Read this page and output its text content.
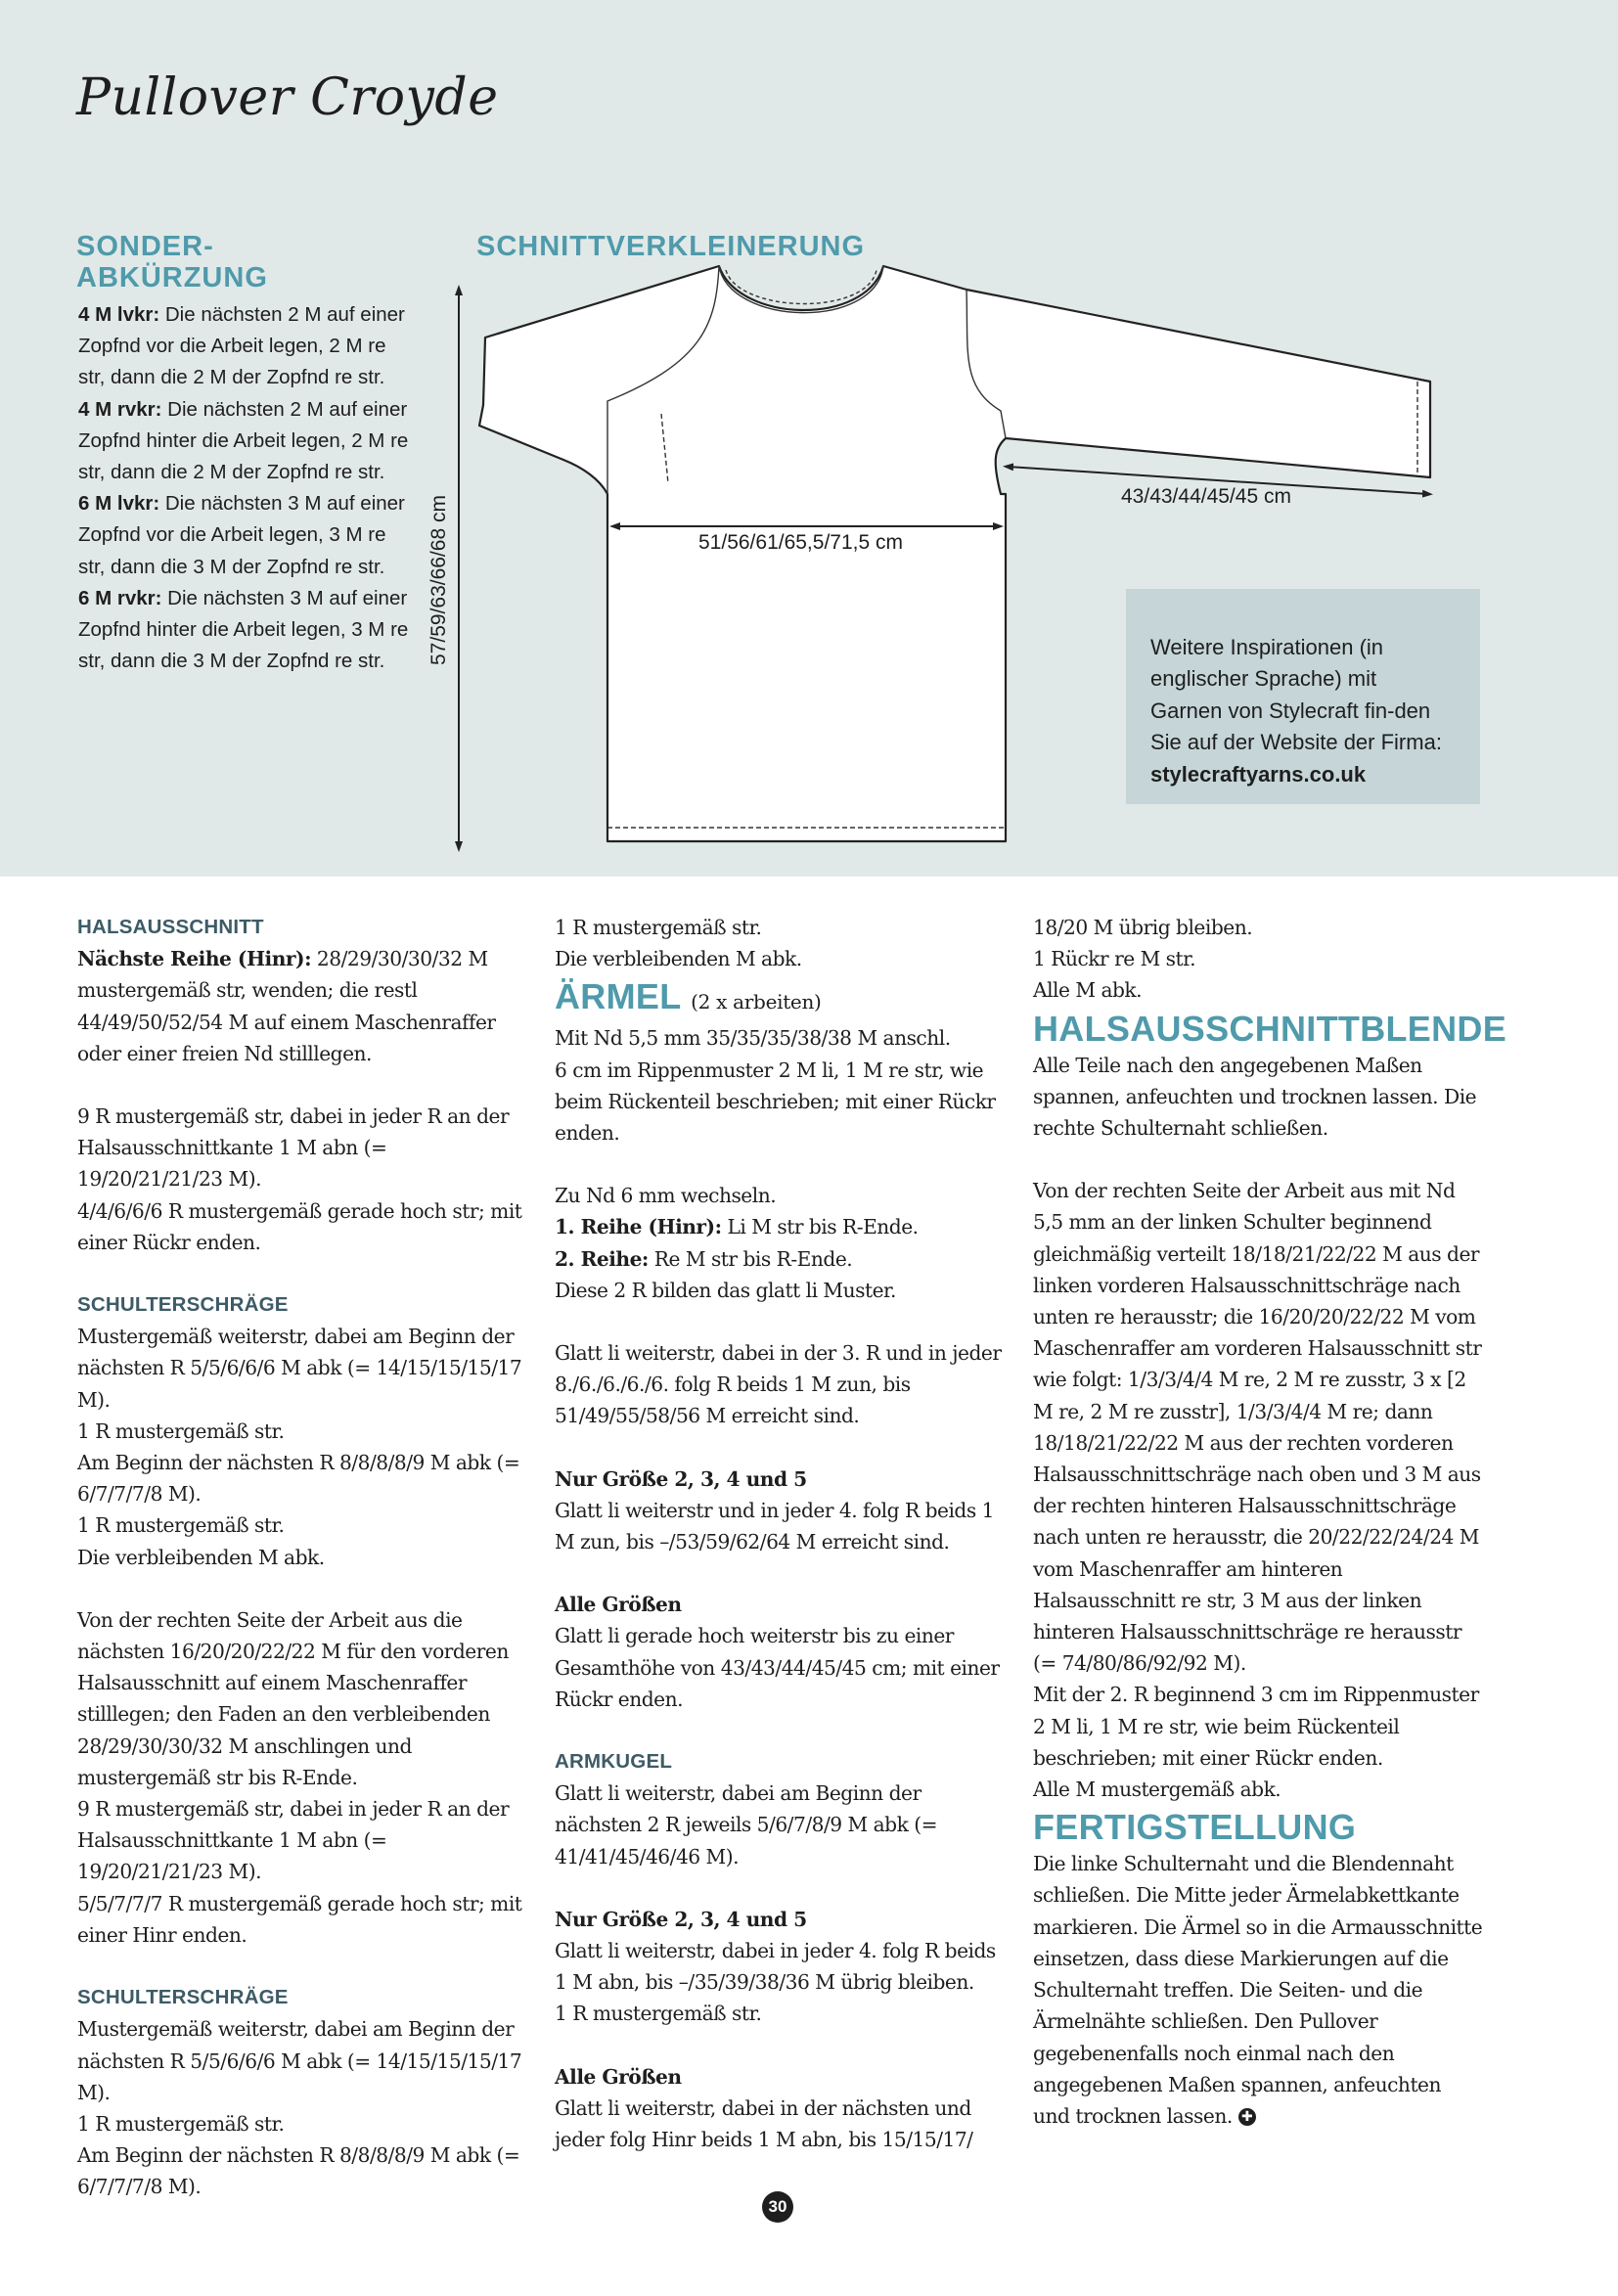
Pullover Croyde
SONDER-
ABKÜRZUNG

4 M lvkr: Die nächsten 2 M auf einer Zopfnd vor die Arbeit legen, 2 M re str, dann die 2 M der Zopfnd re str.

4 M rvkr: Die nächsten 2 M auf einer Zopfnd hinter die Arbeit legen, 2 M re str, dann die 2 M der Zopfnd re str.

6 M lvkr: Die nächsten 3 M auf einer Zopfnd vor die Arbeit legen, 3 M re str, dann die 3 M der Zopfnd re str.

6 M rvkr: Die nächsten 3 M auf einer Zopfnd hinter die Arbeit legen, 3 M re str, dann die 3 M der Zopfnd re str.

SCHNITTVERKLEINERUNG
57/59/63/66/68 cm	51/56/61/65,5/71,5 cm
43/43/44/45/45 cm
Weitere Inspirationen (in englischer Sprache) mit Garnen von Stylecraft fin-den Sie auf der Website der Firma: stylecraftyarns.co.uk

HALSAUSSCHNITT

Nächste Reihe (Hinr): 28/29/30/30/32 M mustergemäß str, wenden; die restl 44/49/50/52/54 M auf einem Maschenraffer oder einer freien Nd stilllegen.

9 R mustergemäß str, dabei in jeder R an der Halsausschnittkante 1 M abn (= 19/20/21/21/23 M).

4/4/6/6/6 R mustergemäß gerade hoch str; mit einer Rückr enden.

SCHULTERSCHRÄGE

Mustergemäß weiterstr, dabei am Beginn der nächsten R 5/5/6/6/6 M abk (= 14/15/15/15/17 M).

1 R mustergemäß str.

Am Beginn der nächsten R 8/8/8/8/9 M abk (= 6/7/7/7/8 M).

1 R mustergemäß str.

Die verbleibenden M abk.

Von der rechten Seite der Arbeit aus die nächsten 16/20/20/22/22 M für den vorderen Halsausschnitt auf einem Maschenraffer stilllegen; den Faden an den verbleibenden 28/29/30/30/32 M anschlingen und mustergemäß str bis R-Ende.

9 R mustergemäß str, dabei in jeder R an der Halsausschnittkante 1 M abn (= 19/20/21/21/23 M).

5/5/7/7/7 R mustergemäß gerade hoch str; mit einer Hinr enden.

SCHULTERSCHRÄGE

Mustergemäß weiterstr, dabei am Beginn der nächsten R 5/5/6/6/6 M abk (= 14/15/15/15/17 M).

1 R mustergemäß str.

Am Beginn der nächsten R 8/8/8/8/9 M abk (= 6/7/7/7/8 M).

1 R mustergemäß str.

Die verbleibenden M abk.

ÄRMEL (2 x arbeiten)

Mit Nd 5,5 mm 35/35/35/38/38 M anschl.

6 cm im Rippenmuster 2 M li, 1 M re str, wie beim Rückenteil beschrieben; mit einer Rückr enden.

Zu Nd 6 mm wechseln.

1. Reihe (Hinr): Li M str bis R-Ende.

2. Reihe: Re M str bis R-Ende.

Diese 2 R bilden das glatt li Muster.

Glatt li weiterstr, dabei in der 3. R und in jeder 8./6./6./6./6. folg R beids 1 M zun, bis 51/49/55/58/56 M erreicht sind.

Nur Größe 2, 3, 4 und 5

Glatt li weiterstr und in jeder 4. folg R beids 1 M zun, bis –/53/59/62/64 M erreicht sind.

Alle Größen

Glatt li gerade hoch weiterstr bis zu einer Gesamthöhe von 43/43/44/45/45 cm; mit einer Rückr enden.

ARMKUGEL

Glatt li weiterstr, dabei am Beginn der nächsten 2 R jeweils 5/6/7/8/9 M abk (= 41/41/45/46/46 M).

Nur Größe 2, 3, 4 und 5

Glatt li weiterstr, dabei in jeder 4. folg R beids 1 M abn, bis –/35/39/38/36 M übrig bleiben.

1 R mustergemäß str.

Alle Größen

Glatt li weiterstr, dabei in der nächsten und jeder folg Hinr beids 1 M abn, bis 15/15/17/

18/20 M übrig bleiben.

1 Rückr re M str.

Alle M abk.

HALSAUSSCHNITTBLENDE

Alle Teile nach den angegebenen Maßen spannen, anfeuchten und trocknen lassen. Die rechte Schulternaht schließen.

Von der rechten Seite der Arbeit aus mit Nd 5,5 mm an der linken Schulter beginnend gleichmäßig verteilt 18/18/21/22/22 M aus der linken vorderen Halsausschnittschräge nach unten re herausstr; die 16/20/20/22/22 M vom Maschenraffer am vorderen Halsausschnitt str wie folgt: 1/3/3/4/4 M re, 2 M re zusstr, 3 x [2 M re, 2 M re zusstr], 1/3/3/4/4 M re; dann 18/18/21/22/22 M aus der rechten vorderen Halsausschnittschräge nach oben und 3 M aus der rechten hinteren Halsausschnittschräge nach unten re herausstr, die 20/22/22/24/24 M vom Maschenraffer am hinteren Halsausschnitt re str, 3 M aus der linken hinteren Halsausschnittschräge re herausstr (= 74/80/86/92/92 M).

Mit der 2. R beginnend 3 cm im Rippenmuster 2 M li, 1 M re str, wie beim Rückenteil beschrieben; mit einer Rückr enden.

Alle M mustergemäß abk.

FERTIGSTELLUNG

Die linke Schulternaht und die Blendennaht schließen. Die Mitte jeder Ärmelabkettkante markieren. Die Ärmel so in die Armausschnitte einsetzen, dass diese Markierungen auf die Schulternaht treffen. Die Seiten- und die Ärmelnähte schließen. Den Pullover gegebenenfalls noch einmal nach den angegebenen Maßen spannen, anfeuchten und trocknen lassen. ✚

30
